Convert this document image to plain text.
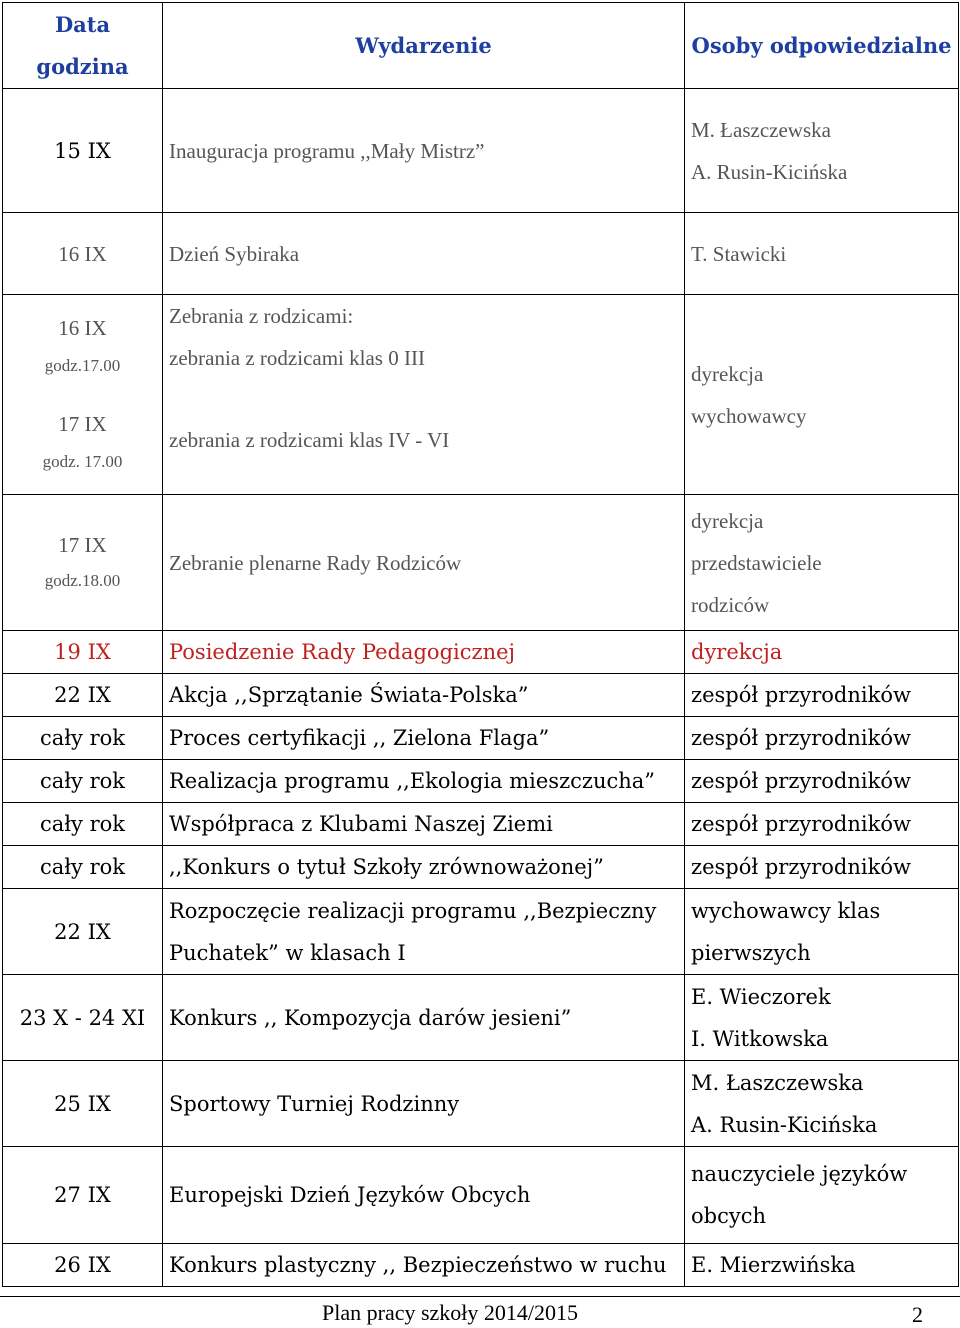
Data godzina	Wydarzenie	Osoby odpowiedzialne
15 IX	Inauguracja programu ,,Mały Mistrz”	M. Łaszczewska
A. Rusin-Kicińska

16 IX	Dzień Sybiraka	T. Stawicki

16 IX
godz.17.00
17 IX
godz. 17.00	Zebrania z rodzicami:
zebrania z rodzicami klas 0 III
zebrania z rodzicami klas IV - VI	dyrekcja
wychowawcy

17 IX
godz.18.00	Zebranie plenarne Rady Rodziców	dyrekcja
przedstawiciele
rodziców

19 IX	Posiedzenie Rady Pedagogicznej	dyrekcja

22 IX	Akcja ,,Sprzątanie Świata-Polska”	zespół przyrodników
cały rok	Proces certyfikacji ,, Zielona Flaga”	zespół przyrodników
cały rok	Realizacja programu ,,Ekologia mieszczucha”	zespół przyrodników
cały rok	Współpraca z Klubami Naszej Ziemi	zespół przyrodników
cały rok	,,Konkurs o tytuł Szkoły zrównoważonej”	zespół przyrodników
22 IX	Rozpoczęcie realizacji programu ,,Bezpieczny
Puchatek” w klasach I	wychowawcy klas
pierwszych

23 X - 24 XI	Konkurs ,, Kompozycja darów jesieni”	E. Wieczorek
I. Witkowska

25 IX	Sportowy Turniej Rodzinny	M. Łaszczewska
A. Rusin-Kicińska

27 IX	Europejski Dzień Języków Obcych	nauczyciele języków
obcych

26 IX	Konkurs plastyczny ,, Bezpieczeństwo w ruchu	E. Mierzwińska
Plan pracy szkoły 2014/2015	2
